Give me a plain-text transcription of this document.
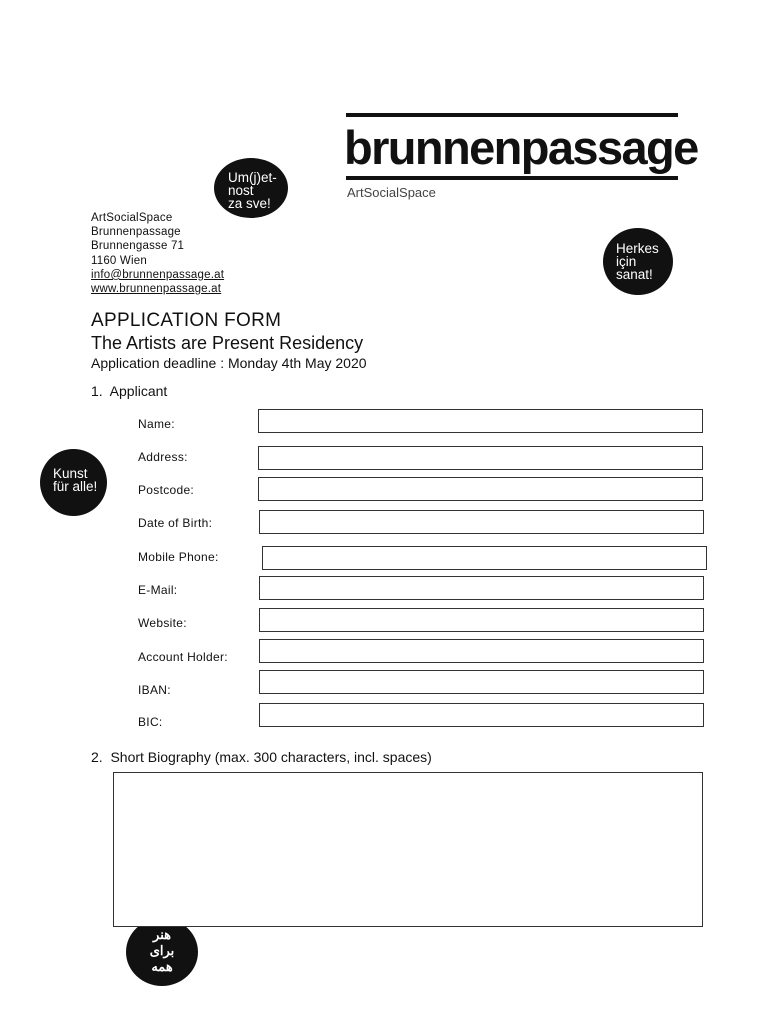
brunnenpassage
ArtSocialSpace
Um(j)et-
nost
za sve!
Herkes
için
sanat!
Kunst
für alle!
هنر
برای
همه
ArtSocialSpace
Brunnenpassage
Brunnengasse 71
1160 Wien
info@brunnenpassage.at
www.brunnenpassage.at
APPLICATION FORM
The Artists are Present Residency
Application deadline : Monday 4th May 2020
1.  Applicant
Name:
Address:
Postcode:
Date of Birth:
Mobile Phone:
E-Mail:
Website:
Account Holder:
IBAN:
BIC:
2.  Short Biography (max. 300 characters, incl. spaces)
